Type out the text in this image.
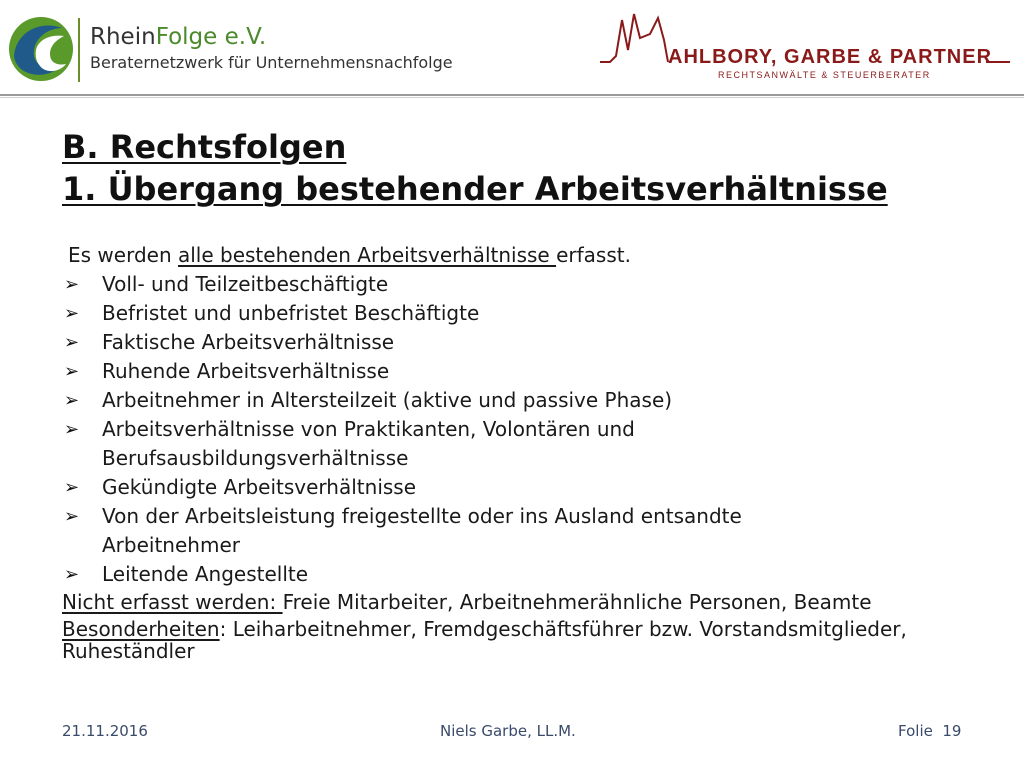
RheinFolge e.V.
Beraternetzwerk für Unternehmensnachfolge	AHLBORY, GARBE & PARTNER
RECHTSANWÄLTE & STEUERBERATER
B. Rechtsfolgen
1. Übergang bestehender Arbeitsverhältnisse
Es werden alle bestehenden Arbeitsverhältnisse erfasst.
➢ Voll- und Teilzeitbeschäftigte
➢ Befristet und unbefristet Beschäftigte
➢ Faktische Arbeitsverhältnisse
➢ Ruhende Arbeitsverhältnisse
➢ Arbeitnehmer in Altersteilzeit (aktive und passive Phase)
➢ Arbeitsverhältnisse von Praktikanten, Volontären und
Berufsausbildungsverhältnisse
➢ Gekündigte Arbeitsverhältnisse
➢ Von der Arbeitsleistung freigestellte oder ins Ausland entsandte
Arbeitnehmer
➢ Leitende Angestellte
Nicht erfasst werden: Freie Mitarbeiter, Arbeitnehmerähnliche Personen, Beamte
Besonderheiten: Leiharbeitnehmer, Fremdgeschäftsführer bzw. Vorstandsmitglieder, Ruheständler
21.11.2016	Niels Garbe, LL.M.	Folie 19
